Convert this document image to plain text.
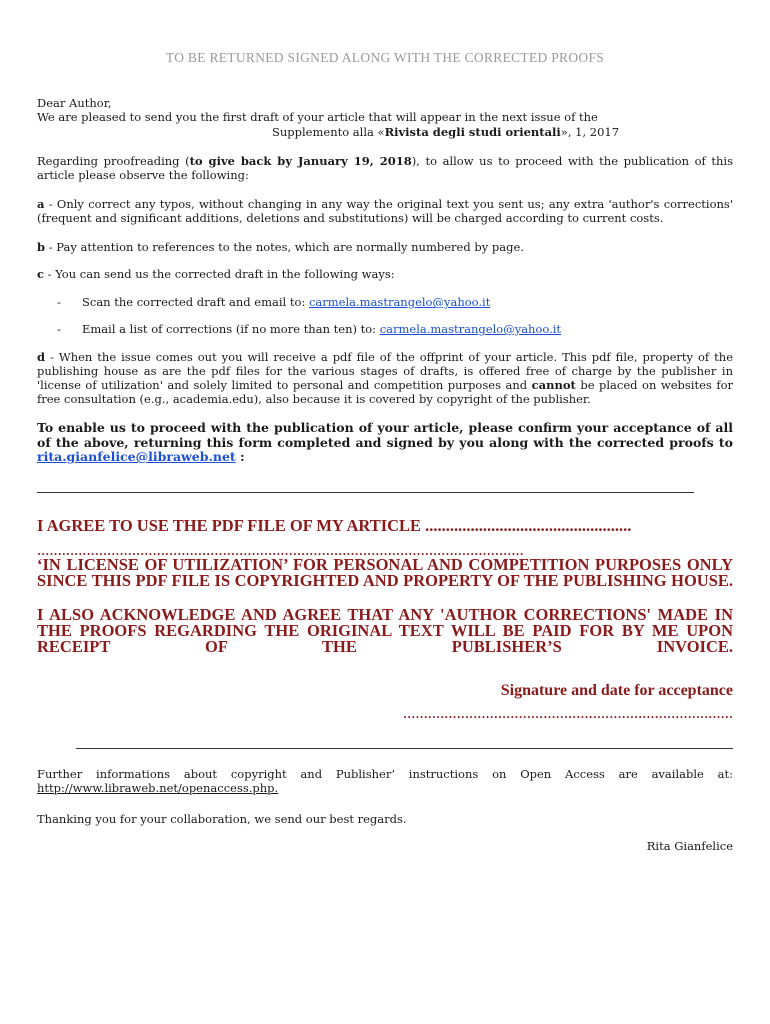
TO BE RETURNED SIGNED ALONG WITH THE CORRECTED PROOFS
Dear Author,
We are pleased to send you the first draft of your article that will appear in the next issue of the
Supplemento alla «Rivista degli studi orientali», 1, 2017
Regarding proofreading (to give back by January 19, 2018), to allow us to proceed with the publication of this article please observe the following:
a - Only correct any typos, without changing in any way the original text you sent us; any extra 'author's corrections' (frequent and significant additions, deletions and substitutions) will be charged according to current costs.
b - Pay attention to references to the notes, which are normally numbered by page.
c - You can send us the corrected draft in the following ways:
-	Scan the corrected draft and email to: carmela.mastrangelo@yahoo.it
-	Email a list of corrections (if no more than ten) to: carmela.mastrangelo@yahoo.it
d - When the issue comes out you will receive a pdf file of the offprint of your article. This pdf file, property of the publishing house as are the pdf files for the various stages of drafts, is offered free of charge by the publisher in 'license of utilization' and solely limited to personal and competition purposes and cannot be placed on websites for free consultation (e.g., academia.edu), also because it is covered by copyright of the publisher.
To enable us to proceed with the publication of your article, please confirm your acceptance of all of the above, returning this form completed and signed by you along with the corrected proofs to rita.gianfelice@libraweb.net :
I AGREE TO USE THE PDF FILE OF MY ARTICLE ..................................................
......................................................................................................................
‘IN LICENSE OF UTILIZATION’ FOR PERSONAL AND COMPETITION PURPOSES ONLY SINCE THIS PDF FILE IS COPYRIGHTED AND PROPERTY OF THE PUBLISHING HOUSE.
I ALSO ACKNOWLEDGE AND AGREE THAT ANY 'AUTHOR CORRECTIONS' MADE IN THE PROOFS REGARDING THE ORIGINAL TEXT WILL BE PAID FOR BY ME UPON RECEIPT OF THE PUBLISHER’S INVOICE.
Signature and date for acceptance
................................................................................
Further informations about copyright and Publisher’ instructions on Open Access are available at:
http://www.libraweb.net/openaccess.php.
Thanking you for your collaboration, we send our best regards.
Rita Gianfelice
